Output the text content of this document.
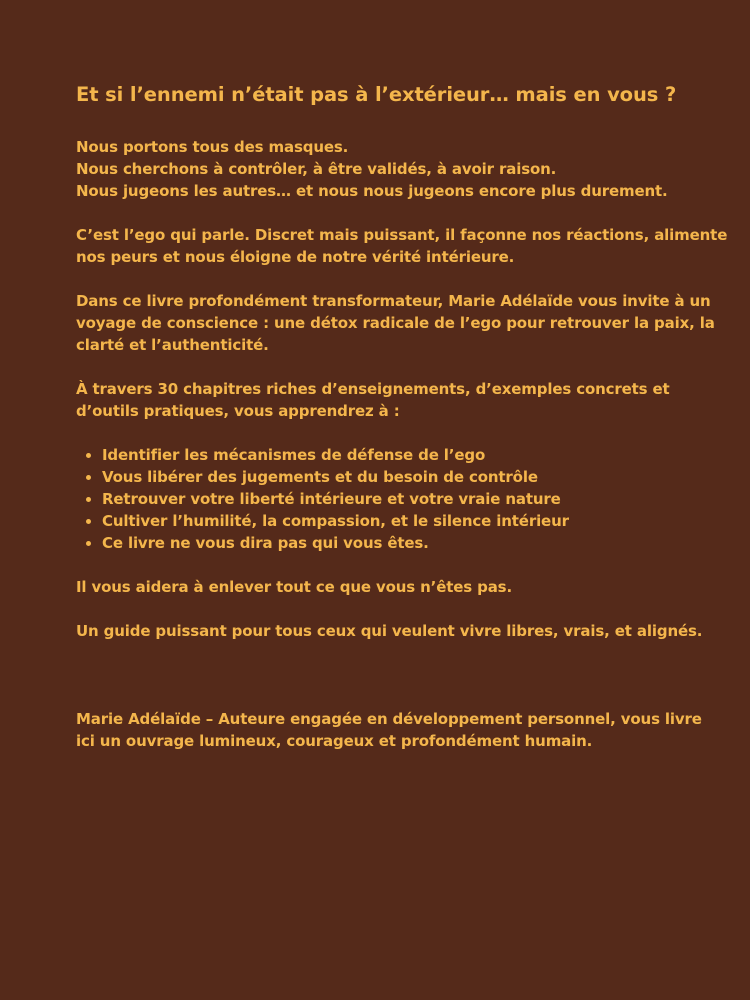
Et si l’ennemi n’était pas à l’extérieur… mais en vous ?

Nous portons tous des masques.
Nous cherchons à contrôler, à être validés, à avoir raison.
Nous jugeons les autres… et nous nous jugeons encore plus durement.

C’est l’ego qui parle. Discret mais puissant, il façonne nos réactions, alimente
nos peurs et nous éloigne de notre vérité intérieure.

Dans ce livre profondément transformateur, Marie Adélaïde vous invite à un
voyage de conscience : une détox radicale de l’ego pour retrouver la paix, la
clarté et l’authenticité.

À travers 30 chapitres riches d’enseignements, d’exemples concrets et
d’outils pratiques, vous apprendrez à :

• Identifier les mécanismes de défense de l’ego
• Vous libérer des jugements et du besoin de contrôle
• Retrouver votre liberté intérieure et votre vraie nature
• Cultiver l’humilité, la compassion, et le silence intérieur
• Ce livre ne vous dira pas qui vous êtes.

Il vous aidera à enlever tout ce que vous n’êtes pas.

Un guide puissant pour tous ceux qui veulent vivre libres, vrais, et alignés.

Marie Adélaïde – Auteure engagée en développement personnel, vous livre
ici un ouvrage lumineux, courageux et profondément humain.
